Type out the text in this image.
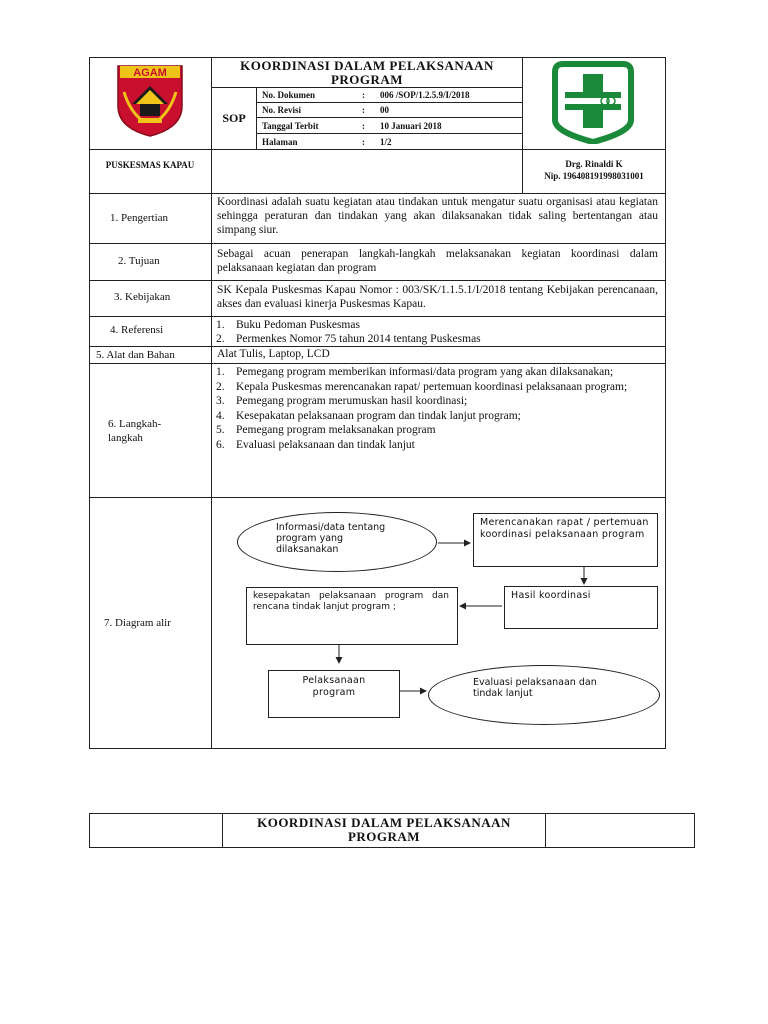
AGAM	KOORDINASI DALAM PELAKSANAAN PROGRAM
SOP
No. Dokumen	: 006 /SOP/1.2.5.9/I/2018
No. Revisi	: 00
Tanggal Terbit	: 10 Januari 2018
Halaman	: 1/2
PUSKESMAS KAPAU	Drg. Rinaldi K
Nip. 196408191998031001
1. Pengertian
Koordinasi adalah suatu kegiatan atau tindakan untuk mengatur suatu organisasi atau kegiatan sehingga peraturan dan tindakan yang akan dilaksanakan tidak saling bertentangan atau simpang siur.
2. Tujuan
Sebagai acuan penerapan langkah-langkah melaksanakan kegiatan koordinasi dalam pelaksanaan kegiatan dan program
3. Kebijakan
SK Kepala Puskesmas Kapau Nomor : 003/SK/1.1.5.1/I/2018 tentang Kebijakan perencanaan, akses dan evaluasi kinerja Puskesmas Kapau.
4. Referensi	1. Buku Pedoman Puskesmas
2. Permenkes Nomor 75 tahun 2014 tentang Puskesmas
5. Alat dan Bahan	Alat Tulis, Laptop, LCD
6. Langkah-langkah
1. Pemegang program memberikan informasi/data program yang akan dilaksanakan;
2. Kepala Puskesmas merencanakan rapat/ pertemuan koordinasi pelaksanaan program;
3. Pemegang program merumuskan hasil koordinasi;
4. Kesepakatan pelaksanaan program dan tindak lanjut program;
5. Pemegang program melaksanakan program
6. Evaluasi pelaksanaan dan tindak lanjut
7. Diagram alir
Informasi/data tentang program yang dilaksanakan
Merencanakan rapat / pertemuan koordinasi pelaksanaan program
Hasil koordinasi
kesepakatan pelaksanaan program dan rencana tindak lanjut program ;
Pelaksanaan program
Evaluasi pelaksanaan dan tindak lanjut
KOORDINASI DALAM PELAKSANAAN PROGRAM
